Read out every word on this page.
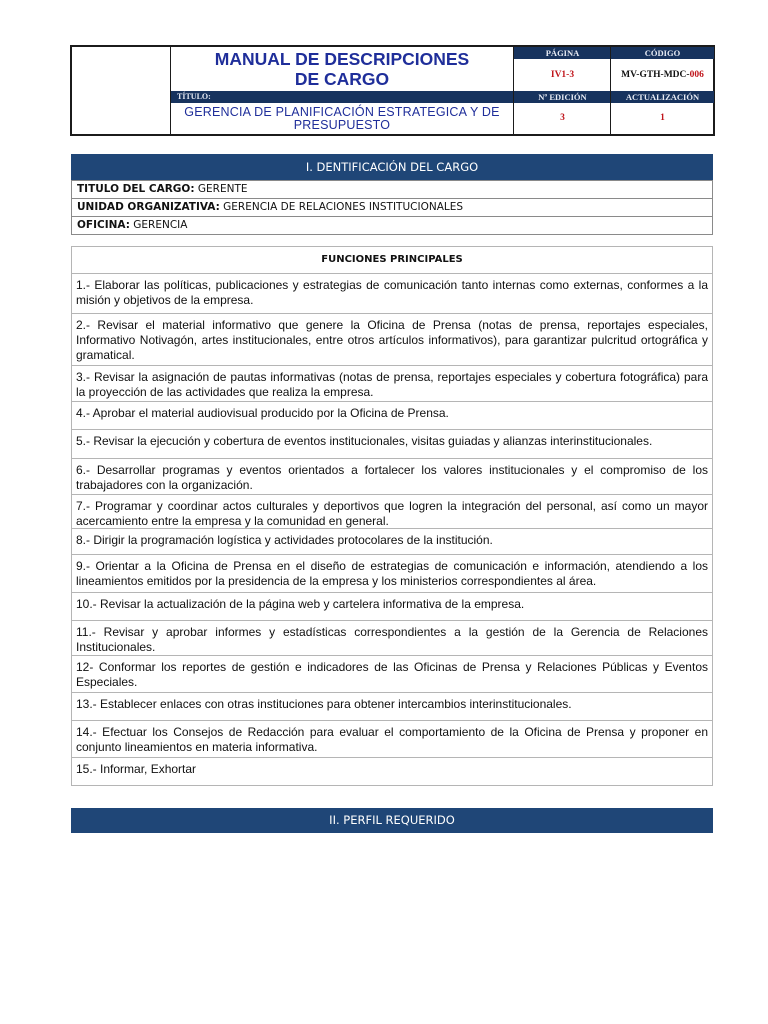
MANUAL DE DESCRIPCIONES
DE CARGO
TÍTULO:
GERENCIA DE PLANIFICACIÓN ESTRATEGICA Y DE PRESUPUESTO
PÁGINA
IV1-3
Nº EDICIÓN
3
CÓDIGO
MV-GTH-MDC-006
ACTUALIZACIÓN
1
I. DENTIFICACIÓN DEL CARGO
TITULO DEL CARGO: GERENTE
UNIDAD ORGANIZATIVA: GERENCIA DE RELACIONES INSTITUCIONALES
OFICINA: GERENCIA
FUNCIONES PRINCIPALES
1.- Elaborar las políticas, publicaciones y estrategias de comunicación tanto internas como externas, conformes a la misión y objetivos de la empresa.
2.- Revisar el material informativo que genere la Oficina de Prensa (notas de prensa, reportajes especiales, Informativo Notivagón, artes institucionales, entre otros artículos informativos), para garantizar pulcritud ortográfica y gramatical.
3.- Revisar la asignación de pautas informativas (notas de prensa, reportajes especiales y cobertura fotográfica) para la proyección de las actividades que realiza la empresa.
4.- Aprobar el material audiovisual producido por la Oficina de Prensa.
5.- Revisar la ejecución y cobertura de eventos institucionales, visitas guiadas y alianzas interinstitucionales.
6.- Desarrollar programas y eventos orientados a fortalecer los valores institucionales y el compromiso de los trabajadores con la organización.
7.- Programar y coordinar actos culturales y deportivos que logren la integración del personal, así como un mayor acercamiento entre la empresa y la comunidad en general.
8.- Dirigir la programación logística y actividades protocolares de la institución.
9.- Orientar a la Oficina de Prensa en el diseño de estrategias de comunicación e información, atendiendo a los lineamientos emitidos por la presidencia de la empresa y los ministerios correspondientes al área.
10.- Revisar la actualización de la página web y cartelera informativa de la empresa.
11.- Revisar y aprobar informes y estadísticas correspondientes a la gestión de la Gerencia de Relaciones Institucionales.
12- Conformar los reportes de gestión e indicadores de las Oficinas de Prensa y Relaciones Públicas y Eventos Especiales.
13.- Establecer enlaces con otras instituciones para obtener intercambios interinstitucionales.
14.- Efectuar los Consejos de Redacción para evaluar el comportamiento de la Oficina de Prensa y proponer en conjunto lineamientos en materia informativa.
15.- Informar, Exhortar
II. PERFIL REQUERIDO
